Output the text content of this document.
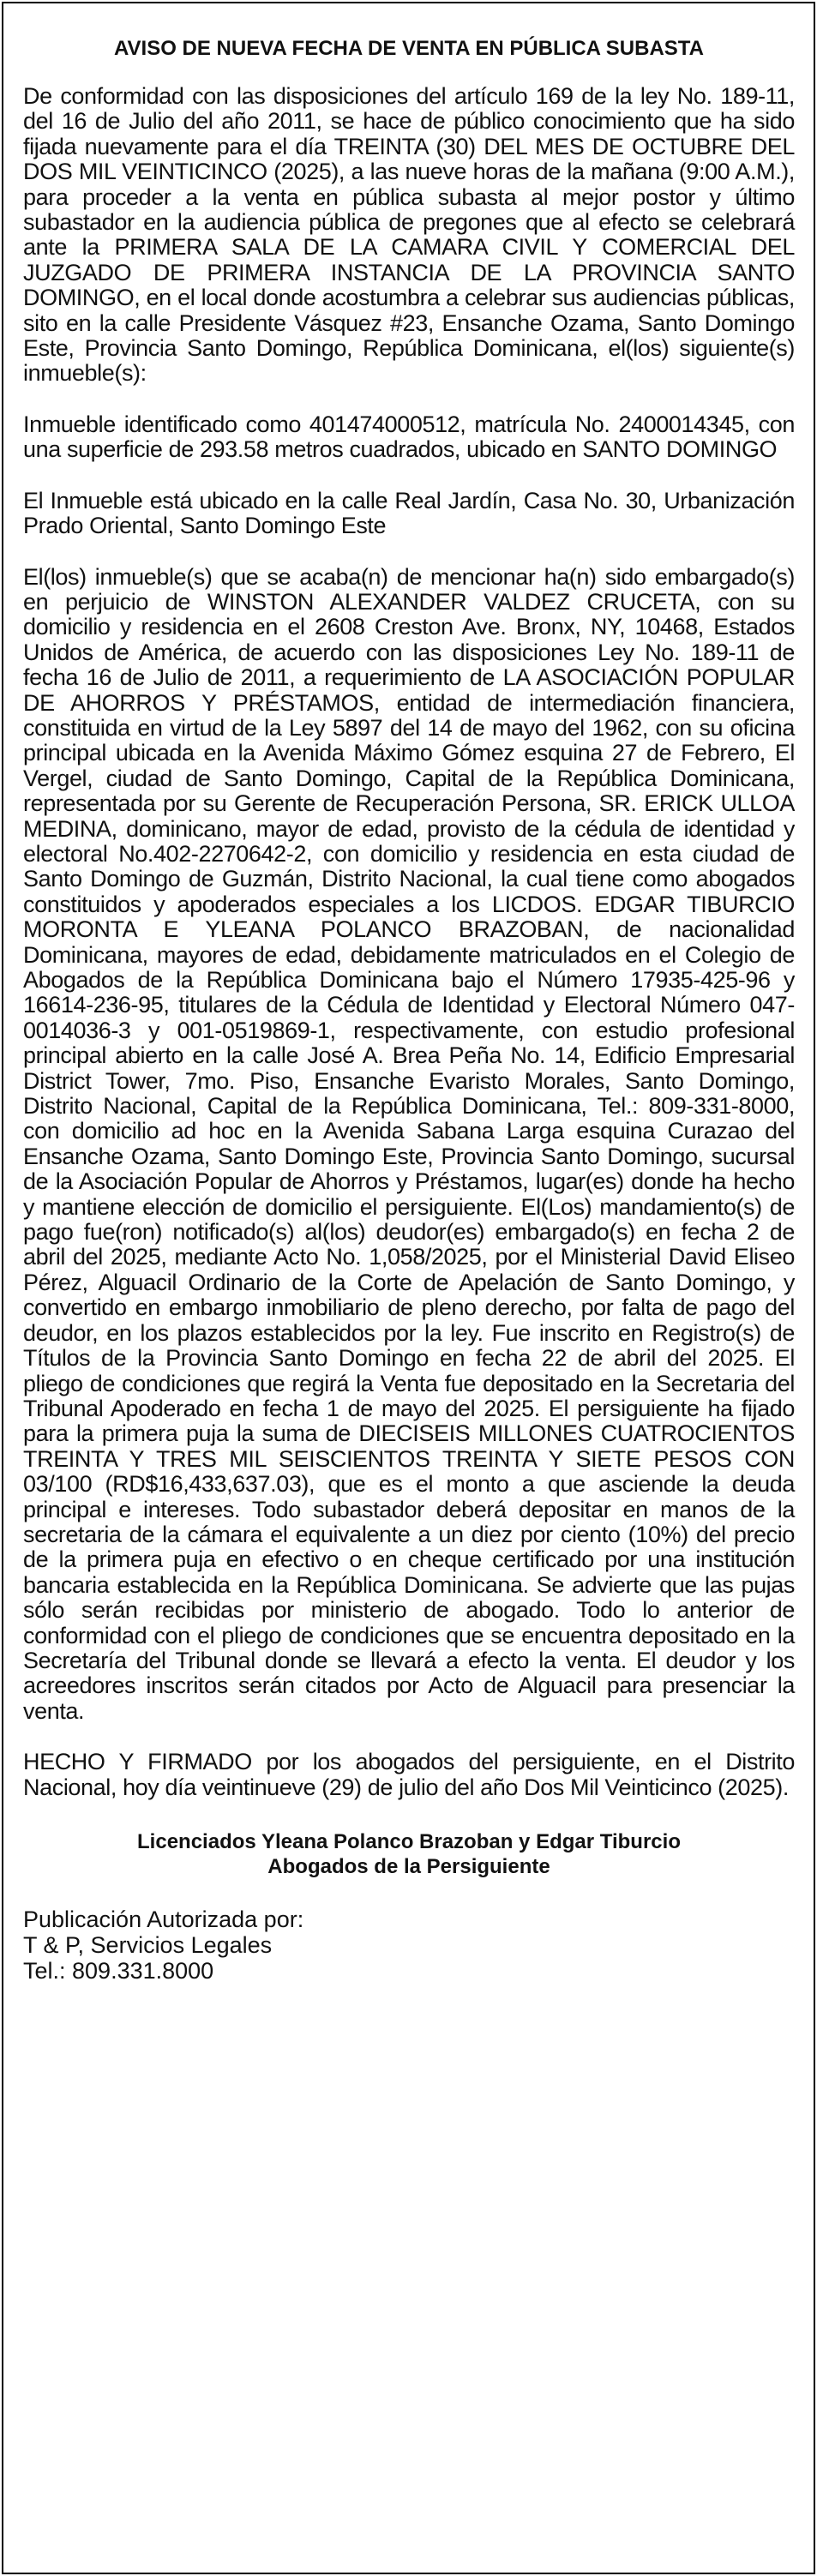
AVISO DE NUEVA FECHA DE VENTA EN PÚBLICA SUBASTA

De conformidad con las disposiciones del artículo 169 de la ley No. 189-11, del 16 de Julio del año 2011, se hace de público conocimiento que ha sido fijada nuevamente para el día TREINTA (30) DEL MES DE OCTUBRE DEL DOS MIL VEINTICINCO (2025), a las nueve horas de la mañana (9:00 A.M.), para proceder a la venta en pública subasta al mejor postor y último subastador en la audiencia pública de pregones que al efecto se celebrará ante la PRIMERA SALA DE LA CAMARA CIVIL Y COMERCIAL DEL JUZGADO DE PRIMERA INSTANCIA DE LA PROVINCIA SANTO DOMINGO, en el local donde acostumbra a celebrar sus audiencias públicas, sito en la calle Presidente Vásquez #23, Ensanche Ozama, Santo Domingo Este, Provincia Santo Domingo, República Dominicana, el(los) siguiente(s) inmueble(s):

Inmueble identificado como 401474000512, matrícula No. 2400014345, con una superficie de 293.58 metros cuadrados, ubicado en SANTO DOMINGO

El Inmueble está ubicado en la calle Real Jardín, Casa No. 30, Urbanización Prado Oriental, Santo Domingo Este

El(los) inmueble(s) que se acaba(n) de mencionar ha(n) sido embargado(s) en perjuicio de WINSTON ALEXANDER VALDEZ CRUCETA, con su domicilio y residencia en el 2608 Creston Ave. Bronx, NY, 10468, Estados Unidos de América, de acuerdo con las disposiciones Ley No. 189-11 de fecha 16 de Julio de 2011, a requerimiento de LA ASOCIACIÓN POPULAR DE AHORROS Y PRÉSTAMOS, entidad de intermediación financiera, constituida en virtud de la Ley 5897 del 14 de mayo del 1962, con su oficina principal ubicada en la Avenida Máximo Gómez esquina 27 de Febrero, El Vergel, ciudad de Santo Domingo, Capital de la República Dominicana, representada por su Gerente de Recuperación Persona, SR. ERICK ULLOA MEDINA, dominicano, mayor de edad, provisto de la cédula de identidad y electoral No.402-2270642-2, con domicilio y residencia en esta ciudad de Santo Domingo de Guzmán, Distrito Nacional, la cual tiene como abogados constituidos y apoderados especiales a los LICDOS. EDGAR TIBURCIO MORONTA E YLEANA POLANCO BRAZOBAN, de nacionalidad Dominicana, mayores de edad, debidamente matriculados en el Colegio de Abogados de la República Dominicana bajo el Número 17935-425-96 y 16614-236-95, titulares de la Cédula de Identidad y Electoral Número 047-0014036-3 y 001-0519869-1, respectivamente, con estudio profesional principal abierto en la calle José A. Brea Peña No. 14, Edificio Empresarial District Tower, 7mo. Piso, Ensanche Evaristo Morales, Santo Domingo, Distrito Nacional, Capital de la República Dominicana, Tel.: 809-331-8000, con domicilio ad hoc en la Avenida Sabana Larga esquina Curazao del Ensanche Ozama, Santo Domingo Este, Provincia Santo Domingo, sucursal de la Asociación Popular de Ahorros y Préstamos, lugar(es) donde ha hecho y mantiene elección de domicilio el persiguiente. El(Los) mandamiento(s) de pago fue(ron) notificado(s) al(los) deudor(es) embargado(s) en fecha 2 de abril del 2025, mediante Acto No. 1,058/2025, por el Ministerial David Eliseo Pérez, Alguacil Ordinario de la Corte de Apelación de Santo Domingo, y convertido en embargo inmobiliario de pleno derecho, por falta de pago del deudor, en los plazos establecidos por la ley. Fue inscrito en Registro(s) de Títulos de la Provincia Santo Domingo en fecha 22 de abril del 2025. El pliego de condiciones que regirá la Venta fue depositado en la Secretaria del Tribunal Apoderado en fecha 1 de mayo del 2025. El persiguiente ha fijado para la primera puja la suma de DIECISEIS MILLONES CUATROCIENTOS TREINTA Y TRES MIL SEISCIENTOS TREINTA Y SIETE PESOS CON 03/100 (RD$16,433,637.03), que es el monto a que asciende la deuda principal e intereses. Todo subastador deberá depositar en manos de la secretaria de la cámara el equivalente a un diez por ciento (10%) del precio de la primera puja en efectivo o en cheque certificado por una institución bancaria establecida en la República Dominicana. Se advierte que las pujas sólo serán recibidas por ministerio de abogado. Todo lo anterior de conformidad con el pliego de condiciones que se encuentra depositado en la Secretaría del Tribunal donde se llevará a efecto la venta. El deudor y los acreedores inscritos serán citados por Acto de Alguacil para presenciar la venta.

HECHO Y FIRMADO por los abogados del persiguiente, en el Distrito Nacional, hoy día veintinueve (29) de julio del año Dos Mil Veinticinco (2025).

Licenciados Yleana Polanco Brazoban y Edgar Tiburcio
Abogados de la Persiguiente
Publicación Autorizada por:
T & P, Servicios Legales
Tel.: 809.331.8000
